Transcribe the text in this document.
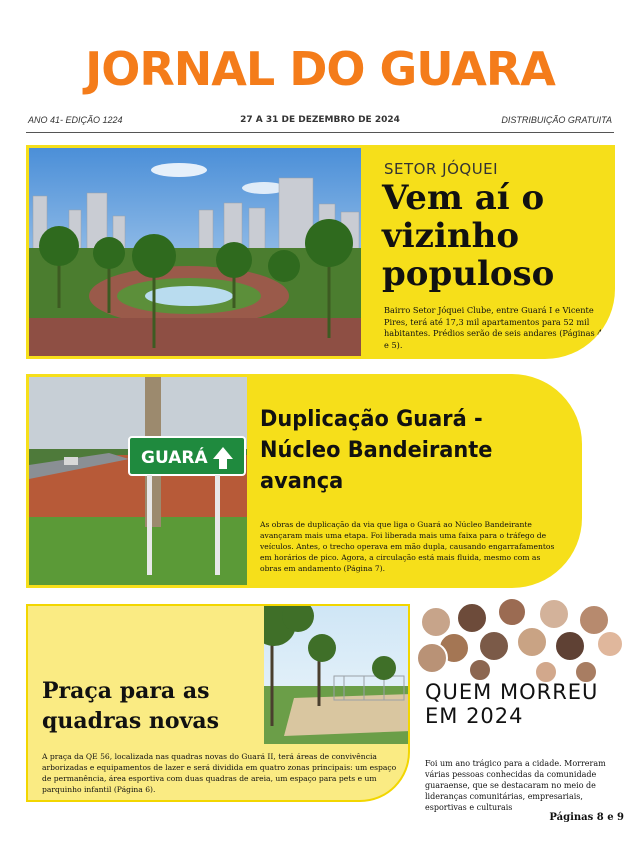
JORNAL DO GUARA
ANO 41- EDIÇÃO 1224	27 A 31 DE DEZEMBRO DE 2024	DISTRIBUIÇÃO GRATUITA
SETOR JÓQUEI
Vem aí o vizinho populoso
Bairro Setor Jóquei Clube, entre Guará I e Vicente Pires, terá até 17,3 mil apartamentos para 52 mil habitantes. Prédios serão de seis andares (Páginas 4 e 5).
GUARÁ
Duplicação Guará - Núcleo Bandeirante avança
As obras de duplicação da via que liga o Guará ao Núcleo Bandeirante avançaram mais uma etapa. Foi liberada mais uma faixa para o tráfego de veículos. Antes, o trecho operava em mão dupla, causando engarrafamentos em horários de pico. Agora, a circulação está mais fluida, mesmo com as obras em andamento (Página 7).
Praça para as quadras novas
A praça da QE 56, localizada nas quadras novas do Guará II, terá áreas de convivência arborizadas e equipamentos de lazer e será dividida em quatro zonas principais: um espaço de permanência, área esportiva com duas quadras de areia, um espaço para pets e um parquinho infantil (Página 6).
QUEM MORREU EM 2024
Foi um ano trágico para a cidade. Morreram várias pessoas conhecidas da comunidade guaraense, que se destacaram no meio de lideranças comunitárias, empresariais, esportivas e culturais
Páginas 8 e 9
